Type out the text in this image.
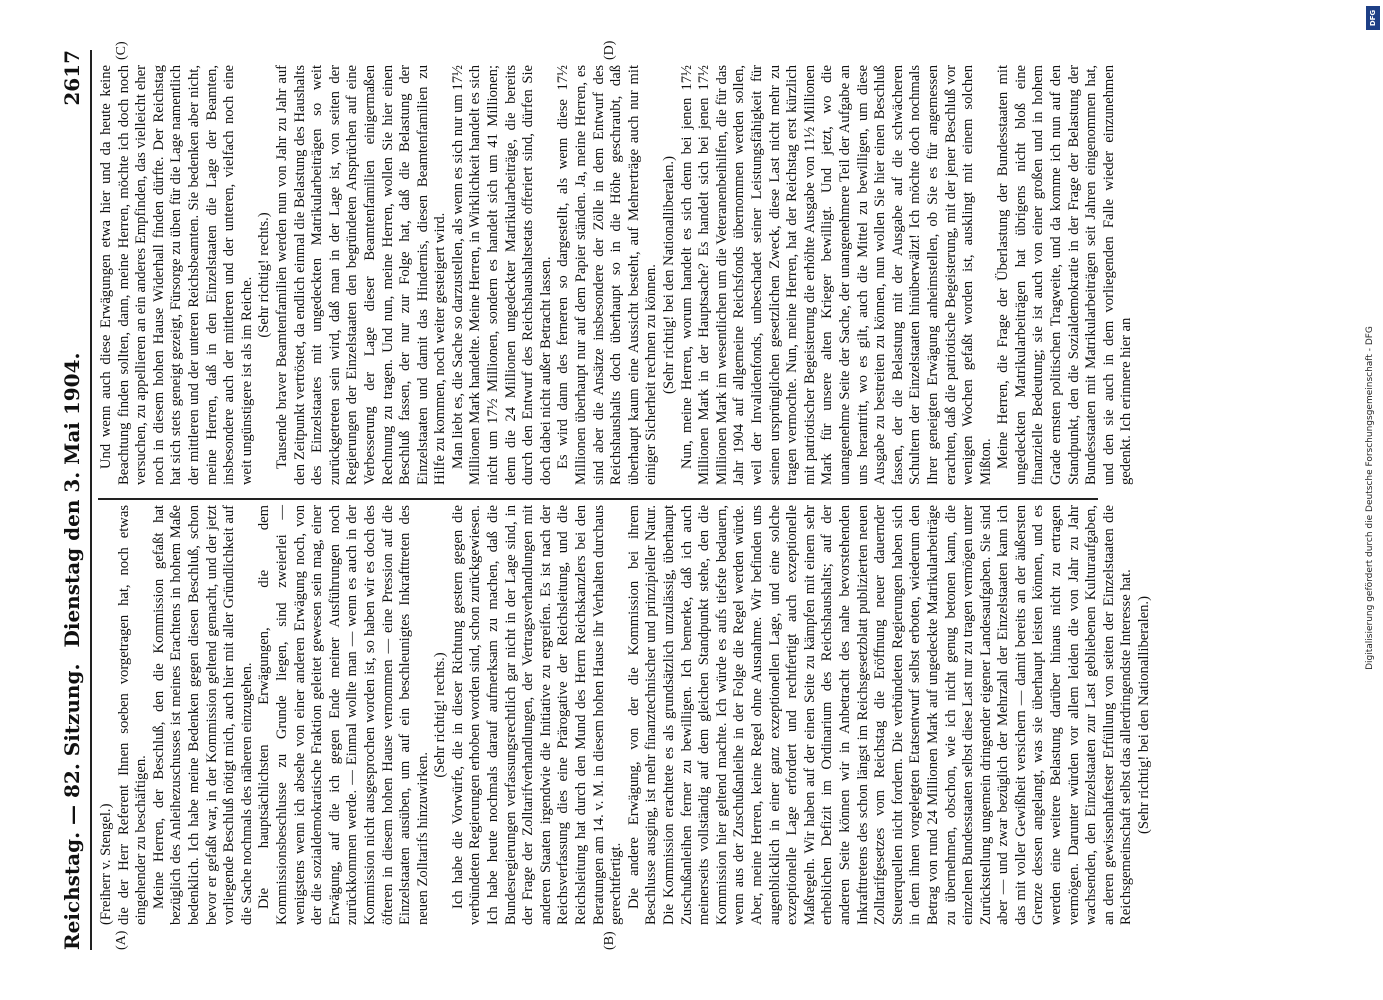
Reichstag. — 82. Sitzung.
Dienstag den 3. Mai 1904.
2617
(A)	(B)
(C)	(D)

(Freiherr v. Stengel.) die der Herr Referent Ihnen soeben vorgetragen hat, noch etwas eingehender zu beschäftigen. Meine Herren, der Beschluß, den die Kommission gefaßt hat bezüglich des Anleihezuschusses ist meines Erachtens in hohem Maße bedenklich. Ich habe meine Bedenken gegen diesen Beschluß, schon bevor er gefaßt war, in der Kommission geltend gemacht, und der jetzt vorliegende Beschluß nötigt mich, auch hier mit aller Gründlichkeit auf die Sache nochmals des näheren einzugehen. Die hauptsächlichsten Erwägungen, die dem Kommissionsbeschlusse zu Grunde liegen, sind zweierlei — wenigstens wenn ich absehe von einer anderen Erwägung noch, von der die sozialdemokratische Fraktion geleitet gewesen sein mag, einer Erwägung, auf die ich gegen Ende meiner Ausführungen noch zurückkommen werde. — Einmal wollte man — wenn es auch in der Kommission nicht ausgesprochen worden ist, so haben wir es doch des öfteren in diesem hohen Hause vernommen — eine Pression auf die Einzelstaaten ausüben, um auf ein beschleunigtes Inkrafttreten des neuen Zolltarifs hinzuwirken.

(Sehr richtig! rechts.) Ich habe die Vorwürfe, die in dieser Richtung gestern gegen die verbündeten Regierungen erhoben worden sind, schon zurückgewiesen. Ich habe heute nochmals darauf aufmerksam zu machen, daß die Bundesregierungen verfassungsrechtlich gar nicht in der Lage sind, in der Frage der Zolltarifverhandlungen, der Vertragsverhandlungen mit anderen Staaten irgendwie die Initiative zu ergreifen. Es ist nach der Reichsverfassung dies eine Prärogative der Reichsleitung, und die Reichsleitung hat durch den Mund des Herrn Reichskanzlers bei den Beratungen am 14. v. M. in diesem hohen Hause ihr Verhalten durchaus gerechtfertigt. Die andere Erwägung, von der die Kommission bei ihrem Beschlusse ausging, ist mehr finanztechnischer und prinzipieller Natur. Die Kommission erachtete es als grundsätzlich unzulässig, überhaupt Zuschußanleihen ferner zu bewilligen. Ich bemerke, daß ich auch meinerseits vollständig auf dem gleichen Standpunkt stehe, den die Kommission hier geltend machte. Ich würde es aufs tiefste bedauern, wenn aus der Zuschußanleihe in der Folge die Regel werden würde. Aber, meine Herren, keine Regel ohne Ausnahme. Wir befinden uns augenblicklich in einer ganz exzeptionellen Lage, und eine solche exzeptionelle Lage erfordert und rechtfertigt auch exzeptionelle Maßregeln. Wir haben auf der einen Seite zu kämpfen mit einem sehr erheblichen Defizit im Ordinarium des Reichshaushalts; auf der anderen Seite können wir in Anbetracht des nahe bevorstehenden Inkrafttretens des schon längst im Reichsgesetzblatt publizierten neuen Zolltarifgesetzes vom Reichstag die Eröffnung neuer dauernder Steuerquellen nicht fordern. Die verbündeten Regierungen haben sich in dem ihnen vorgelegten Etatsentwurf selbst erboten, wiederum den Betrag von rund 24 Millionen Mark auf ungedeckte Matrikularbeiträge zu übernehmen, obschon, wie ich nicht genug betonen kann, die einzelnen Bundesstaaten selbst diese Last nur zu tragen vermögen unter Zurückstellung ungemein dringender eigener Landesaufgaben. Sie sind aber — und zwar bezüglich der Mehrzahl der Einzelstaaten kann ich das mit voller Gewißheit versichern — damit bereits an der äußersten Grenze dessen angelangt, was sie überhaupt leisten können, und es werden eine weitere Belastung darüber hinaus nicht zu ertragen vermögen. Darunter würden vor allem leiden die von Jahr zu Jahr wachsenden, den Einzelstaaten zur Last gebliebenen Kulturaufgaben, an deren gewissenhaftester Erfüllung von seiten der Einzelstaaten die Reichsgemeinschaft selbst das allerdringendste Interesse hat. (Sehr richtig! bei den Nationalliberalen.)

Und wenn auch diese Erwägungen etwa hier und da heute keine Beachtung finden sollten, dann, meine Herren, möchte ich doch noch versuchen, zu appellieren an ein anderes Empfinden, das vielleicht eher noch in diesem hohen Hause Widerhall finden dürfte. Der Reichstag hat sich stets geneigt gezeigt, Fürsorge zu üben für die Lage namentlich der mittleren und der unteren Reichsbeamten. Sie bedenken aber nicht, meine Herren, daß in den Einzelstaaten die Lage der Beamten, insbesondere auch der mittleren und der unteren, vielfach noch eine weit ungünstigere ist als im Reiche.

(Sehr richtig! rechts.) Tausende braver Beamtenfamilien werden nun von Jahr zu Jahr auf den Zeitpunkt vertröstet, da endlich einmal die Belastung des Haushalts des Einzelstaates mit ungedeckten Matrikularbeiträgen so weit zurückgetreten sein wird, daß man in der Lage ist, von seiten der Regierungen der Einzelstaaten den begründeten Ansprüchen auf eine Verbesserung der Lage dieser Beamtenfamilien einigermaßen Rechnung zu tragen. Und nun, meine Herren, wollen Sie hier einen Beschluß fassen, der nur zur Folge hat, daß die Belastung der Einzelstaaten und damit das Hindernis, diesen Beamtenfamilien zu Hilfe zu kommen, noch weiter gesteigert wird. Man liebt es, die Sache so darzustellen, als wenn es sich nur um 17½ Millionen Mark handelte. Meine Herren, in Wirklichkeit handelt es sich nicht um 17½ Millionen, sondern es handelt sich um 41 Millionen; denn die 24 Millionen ungedeckter Matrikularbeiträge, die bereits durch den Entwurf des Reichshaushaltsetats offeriert sind, dürfen Sie doch dabei nicht außer Betracht lassen. Es wird dann des ferneren so dargestellt, als wenn diese 17½ Millionen überhaupt nur auf dem Papier ständen. Ja, meine Herren, es sind aber die Ansätze insbesondere der Zölle in dem Entwurf des Reichshaushalts doch überhaupt so in die Höhe geschraubt, daß überhaupt kaum eine Aussicht besteht, auf Mehrerträge auch nur mit einiger Sicherheit rechnen zu können. (Sehr richtig! bei den Nationalliberalen.) Nun, meine Herren, worum handelt es sich denn bei jenen 17½ Millionen Mark in der Hauptsache? Es handelt sich bei jenen 17½ Millionen Mark im wesentlichen um die Veteranenbeihilfen, die für das Jahr 1904 auf allgemeine Reichsfonds übernommen werden sollen, weil der Invalidenfonds, unbeschadet seiner Leistungsfähigkeit für seinen ursprünglichen gesetzlichen Zweck, diese Last nicht mehr zu tragen vermochte. Nun, meine Herren, hat der Reichstag erst kürzlich mit patriotischer Begeisterung die erhöhte Ausgabe von 11½ Millionen Mark für unsere alten Krieger bewilligt. Und jetzt, wo die unangenehme Seite der Sache, der unangenehmere Teil der Aufgabe an uns herantritt, wo es gilt, auch die Mittel zu bewilligen, um diese Ausgabe zu bestreiten zu können, nun wollen Sie hier einen Beschluß fassen, der die Belastung mit der Ausgabe auf die schwächeren Schultern der Einzelstaaten hinüberwälzt! Ich möchte doch nochmals Ihrer geneigten Erwägung anheimstellen, ob Sie es für angemessen erachten, daß die patriotische Begeisterung, mit der jener Beschluß vor wenigen Wochen gefaßt worden ist, ausklingt mit einem solchen Mißton. Meine Herren, die Frage der Überlastung der Bundesstaaten mit ungedeckten Matrikularbeiträgen hat übrigens nicht bloß eine finanzielle Bedeutung; sie ist auch von einer großen und in hohem Grade ernsten politischen Tragweite, und da komme ich nun auf den Standpunkt, den die Sozialdemokratie in der Frage der Belastung der Bundesstaaten mit Matrikularbeiträgen seit Jahren eingenommen hat, und den sie auch in dem vorliegenden Falle wieder einzunehmen gedenkt. Ich erinnere hier an

DFG
Digitalisierung gefördert durch die Deutsche Forschungsgemeinschaft - DFG
